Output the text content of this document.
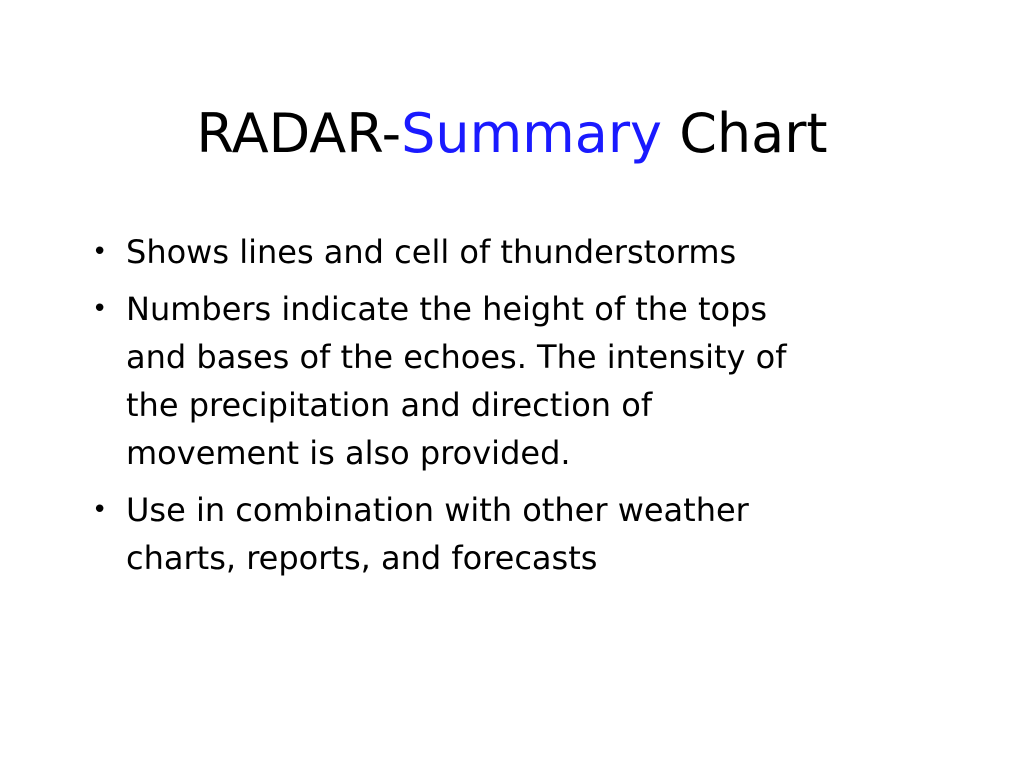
RADAR-Summary Chart
• Shows lines and cell of thunderstorms
• Numbers indicate the height of the tops
and bases of the echoes. The intensity of
the precipitation and direction of
movement is also provided.
• Use in combination with other weather
charts, reports, and forecasts
